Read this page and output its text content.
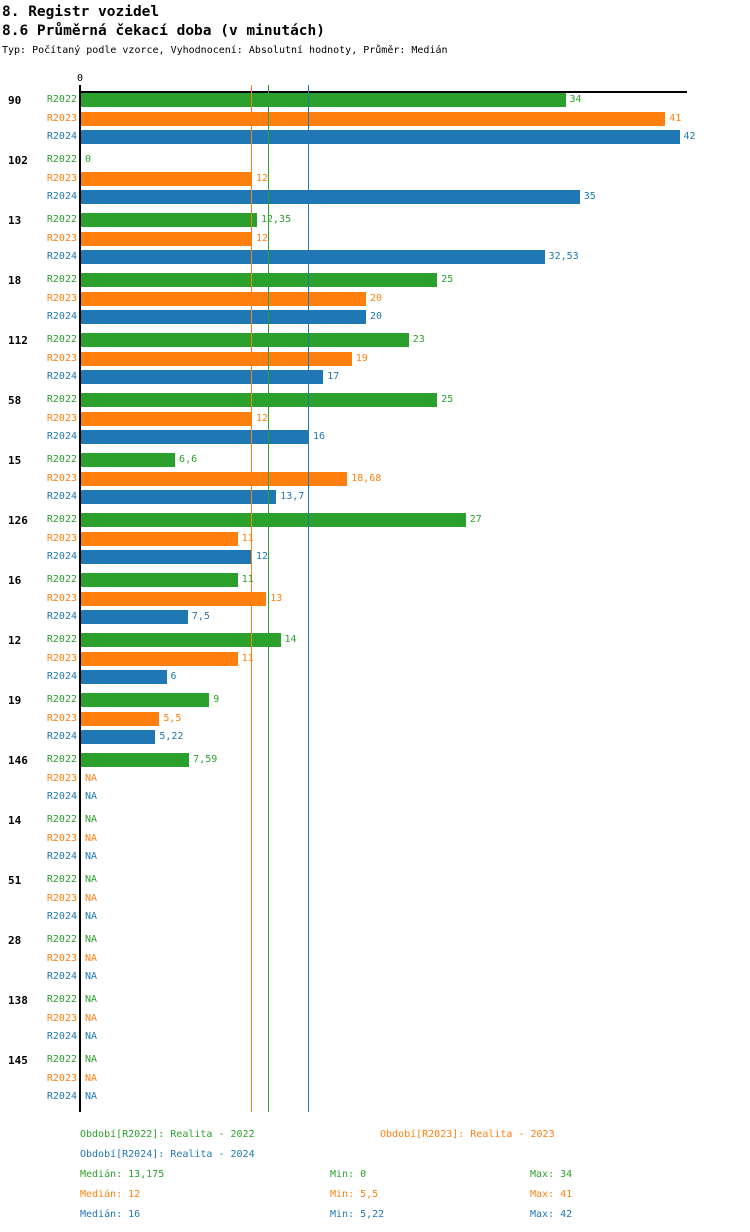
8. Registr vozidel
8.6 Průměrná čekací doba (v minutách)
Typ: Počítaný podle vzorce, Vyhodnocení: Absolutní hodnoty, Průměr: Medián
0
90	R2022	34
R2023	41
R2024	42
102	R2022 0
R2023	12
R2024	35
13	R2022	12,35
R2023	12
R2024	32,53
18	R2022	25
R2023	20
R2024	20
112	R2022	23
R2023	19
R2024	17
58	R2022	25
R2023	12
R2024	16
15	R2022	6,6
R2023	18,68
R2024	13,7
126	R2022	27
R2023	11
R2024	12
16	R2022	11
R2023	13
R2024	7,5
12	R2022	14
R2023	11
R2024	6
19	R2022	9
R2023	5,5
R2024	5,22
146	R2022	7,59
R2023 NA
R2024 NA
14	R2022 NA
R2023 NA
R2024 NA
51	R2022 NA
R2023 NA
R2024 NA
28	R2022 NA
R2023 NA
R2024 NA
138	R2022 NA
R2023 NA
R2024 NA
145	R2022 NA
R2023 NA
R2024 NA
Období[R2022]: Realita - 2022	Období[R2023]: Realita - 2023
Období[R2024]: Realita - 2024
Medián: 13,175	Min: 0	Max: 34
Medián: 12	Min: 5,5	Max: 41
Medián: 16	Min: 5,22	Max: 42
